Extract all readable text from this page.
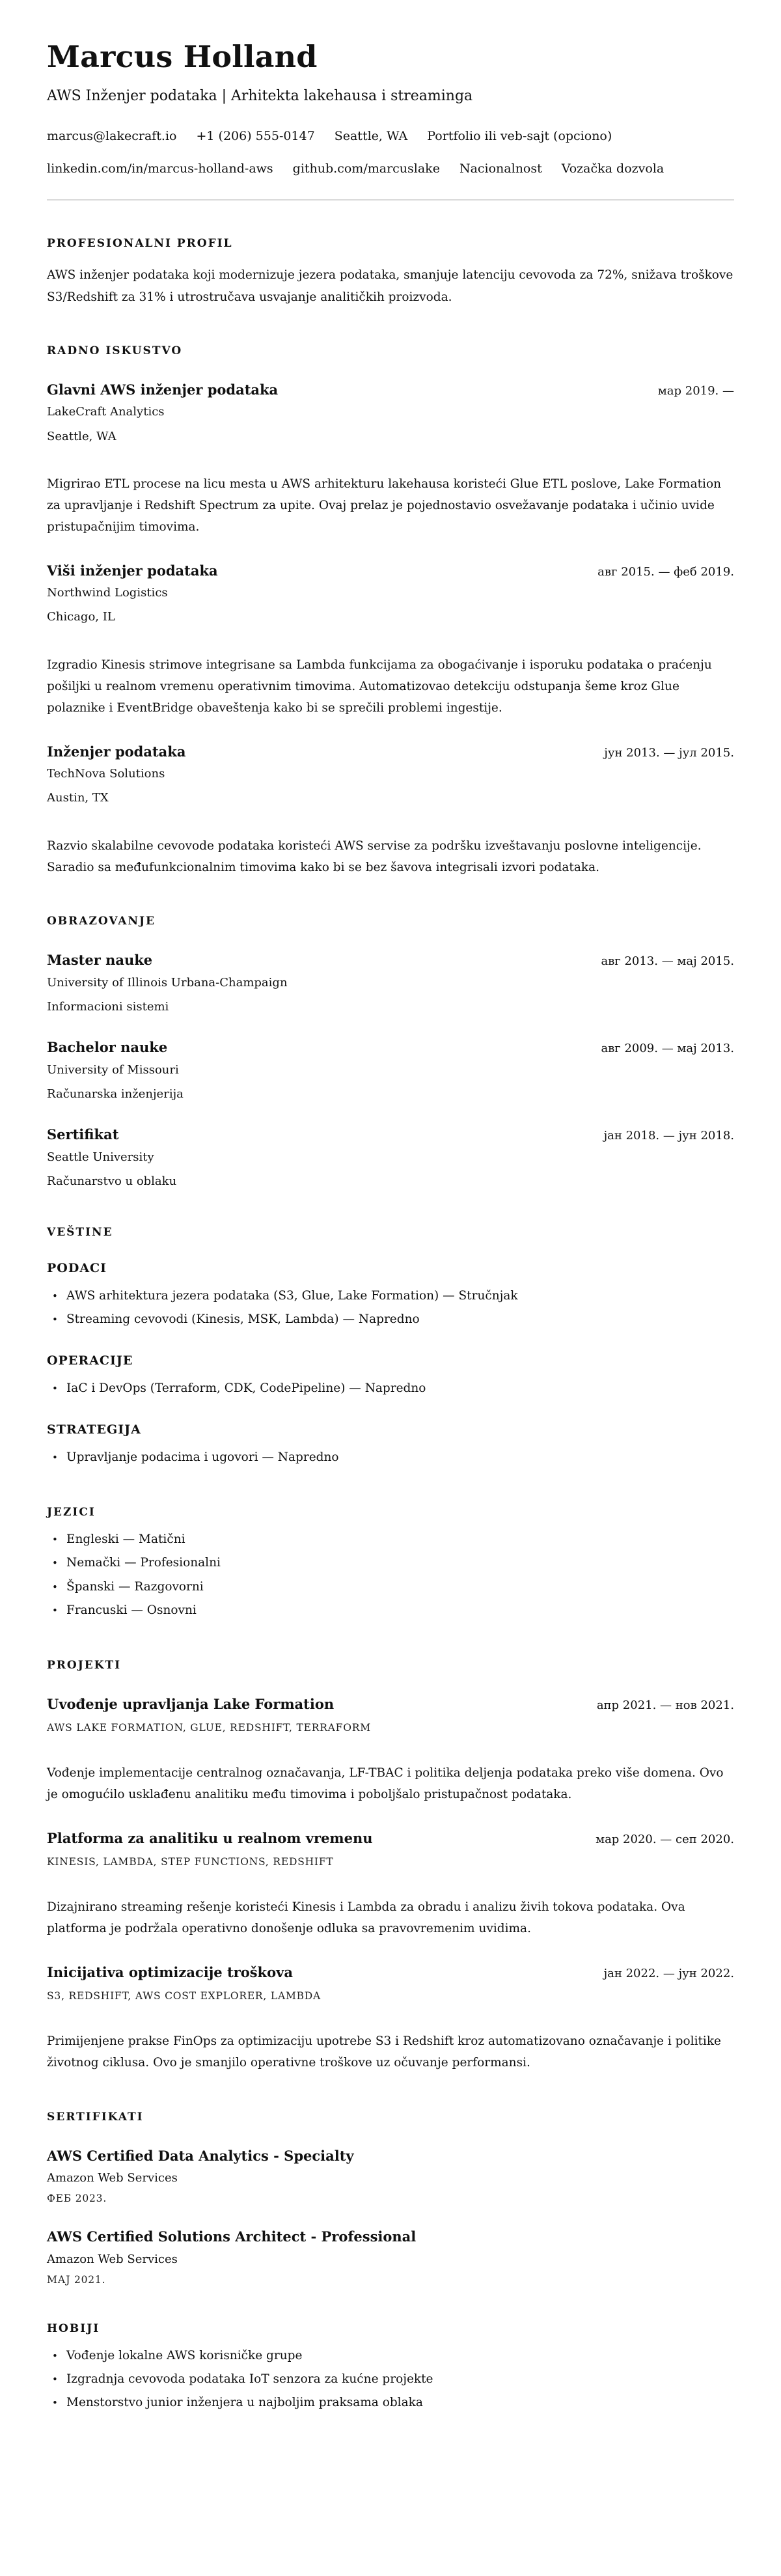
Marcus Holland

AWS Inženjer podataka | Arhitekta lakehausa i streaminga

marcus@lakecraft.io +1 (206) 555-0147 Seattle, WA Portfolio ili veb-sajt (opciono)
linkedin.com/in/marcus-holland-aws github.com/marcuslake Nacionalnost Vozačka dozvola
PROFESIONALNI PROFIL

AWS inženjer podataka koji modernizuje jezera podataka, smanjuje latenciju cevovoda za 72%, snižava troškove S3/Redshift za 31% i utrostručava usvajanje analitičkih proizvoda.

RADNO ISKUSTVO
Glavni AWS inženjer podataka	мар 2019. —
LakeCraft Analytics
Seattle, WA

Migrirao ETL procese na licu mesta u AWS arhitekturu lakehausa koristeći Glue ETL poslove, Lake Formation za upravljanje i Redshift Spectrum za upite. Ovaj prelaz je pojednostavio osvežavanje podataka i učinio uvide pristupačnijim timovima.

Viši inženjer podataka	авг 2015. — феб 2019.
Northwind Logistics
Chicago, IL

Izgradio Kinesis strimove integrisane sa Lambda funkcijama za obogaćivanje i isporuku podataka o praćenju pošiljki u realnom vremenu operativnim timovima. Automatizovao detekciju odstupanja šeme kroz Glue polaznike i EventBridge obaveštenja kako bi se sprečili problemi ingestije.

Inženjer podataka	јун 2013. — јул 2015.
TechNova Solutions
Austin, TX

Razvio skalabilne cevovode podataka koristeći AWS servise za podršku izveštavanju poslovne inteligencije. Saradio sa međufunkcionalnim timovima kako bi se bez šavova integrisali izvori podataka.

OBRAZOVANJE
Master nauke	авг 2013. — мај 2015.
University of Illinois Urbana-Champaign
Informacioni sistemi
Bachelor nauke	авг 2009. — мај 2013.
University of Missouri
Računarska inženjerija
Sertifikat	јан 2018. — јун 2018.
Seattle University
Računarstvo u oblaku
VEŠTINE
PODACI
• AWS arhitektura jezera podataka (S3, Glue, Lake Formation) — Stručnjak
• Streaming cevovodi (Kinesis, MSK, Lambda) — Napredno
OPERACIJE
• IaC i DevOps (Terraform, CDK, CodePipeline) — Napredno
STRATEGIJA
• Upravljanje podacima i ugovori — Napredno
JEZICI
• Engleski — Matični
• Nemački — Profesionalni
• Španski — Razgovorni
• Francuski — Osnovni
PROJEKTI
Uvođenje upravljanja Lake Formation	апр 2021. — нов 2021.
AWS LAKE FORMATION, GLUE, REDSHIFT, TERRAFORM

Vođenje implementacije centralnog označavanja, LF-TBAC i politika deljenja podataka preko više domena. Ovo je omogućilo usklađenu analitiku među timovima i poboljšalo pristupačnost podataka.

Platforma za analitiku u realnom vremenu	мар 2020. — сеп 2020.
KINESIS, LAMBDA, STEP FUNCTIONS, REDSHIFT

Dizajnirano streaming rešenje koristeći Kinesis i Lambda za obradu i analizu živih tokova podataka. Ova platforma je podržala operativno donošenje odluka sa pravovremenim uvidima.

Inicijativa optimizacije troškova	јан 2022. — јун 2022.
S3, REDSHIFT, AWS COST EXPLORER, LAMBDA

Primijenjene prakse FinOps za optimizaciju upotrebe S3 i Redshift kroz automatizovano označavanje i politike životnog ciklusa. Ovo je smanjilo operativne troškove uz očuvanje performansi.

SERTIFIKATI
AWS Certified Data Analytics - Specialty
Amazon Web Services
ФЕБ 2023.
AWS Certified Solutions Architect - Professional
Amazon Web Services
МАЈ 2021.
HOBIJI
• Vođenje lokalne AWS korisničke grupe
• Izgradnja cevovoda podataka IoT senzora za kućne projekte
• Menstorstvo junior inženjera u najboljim praksama oblaka
